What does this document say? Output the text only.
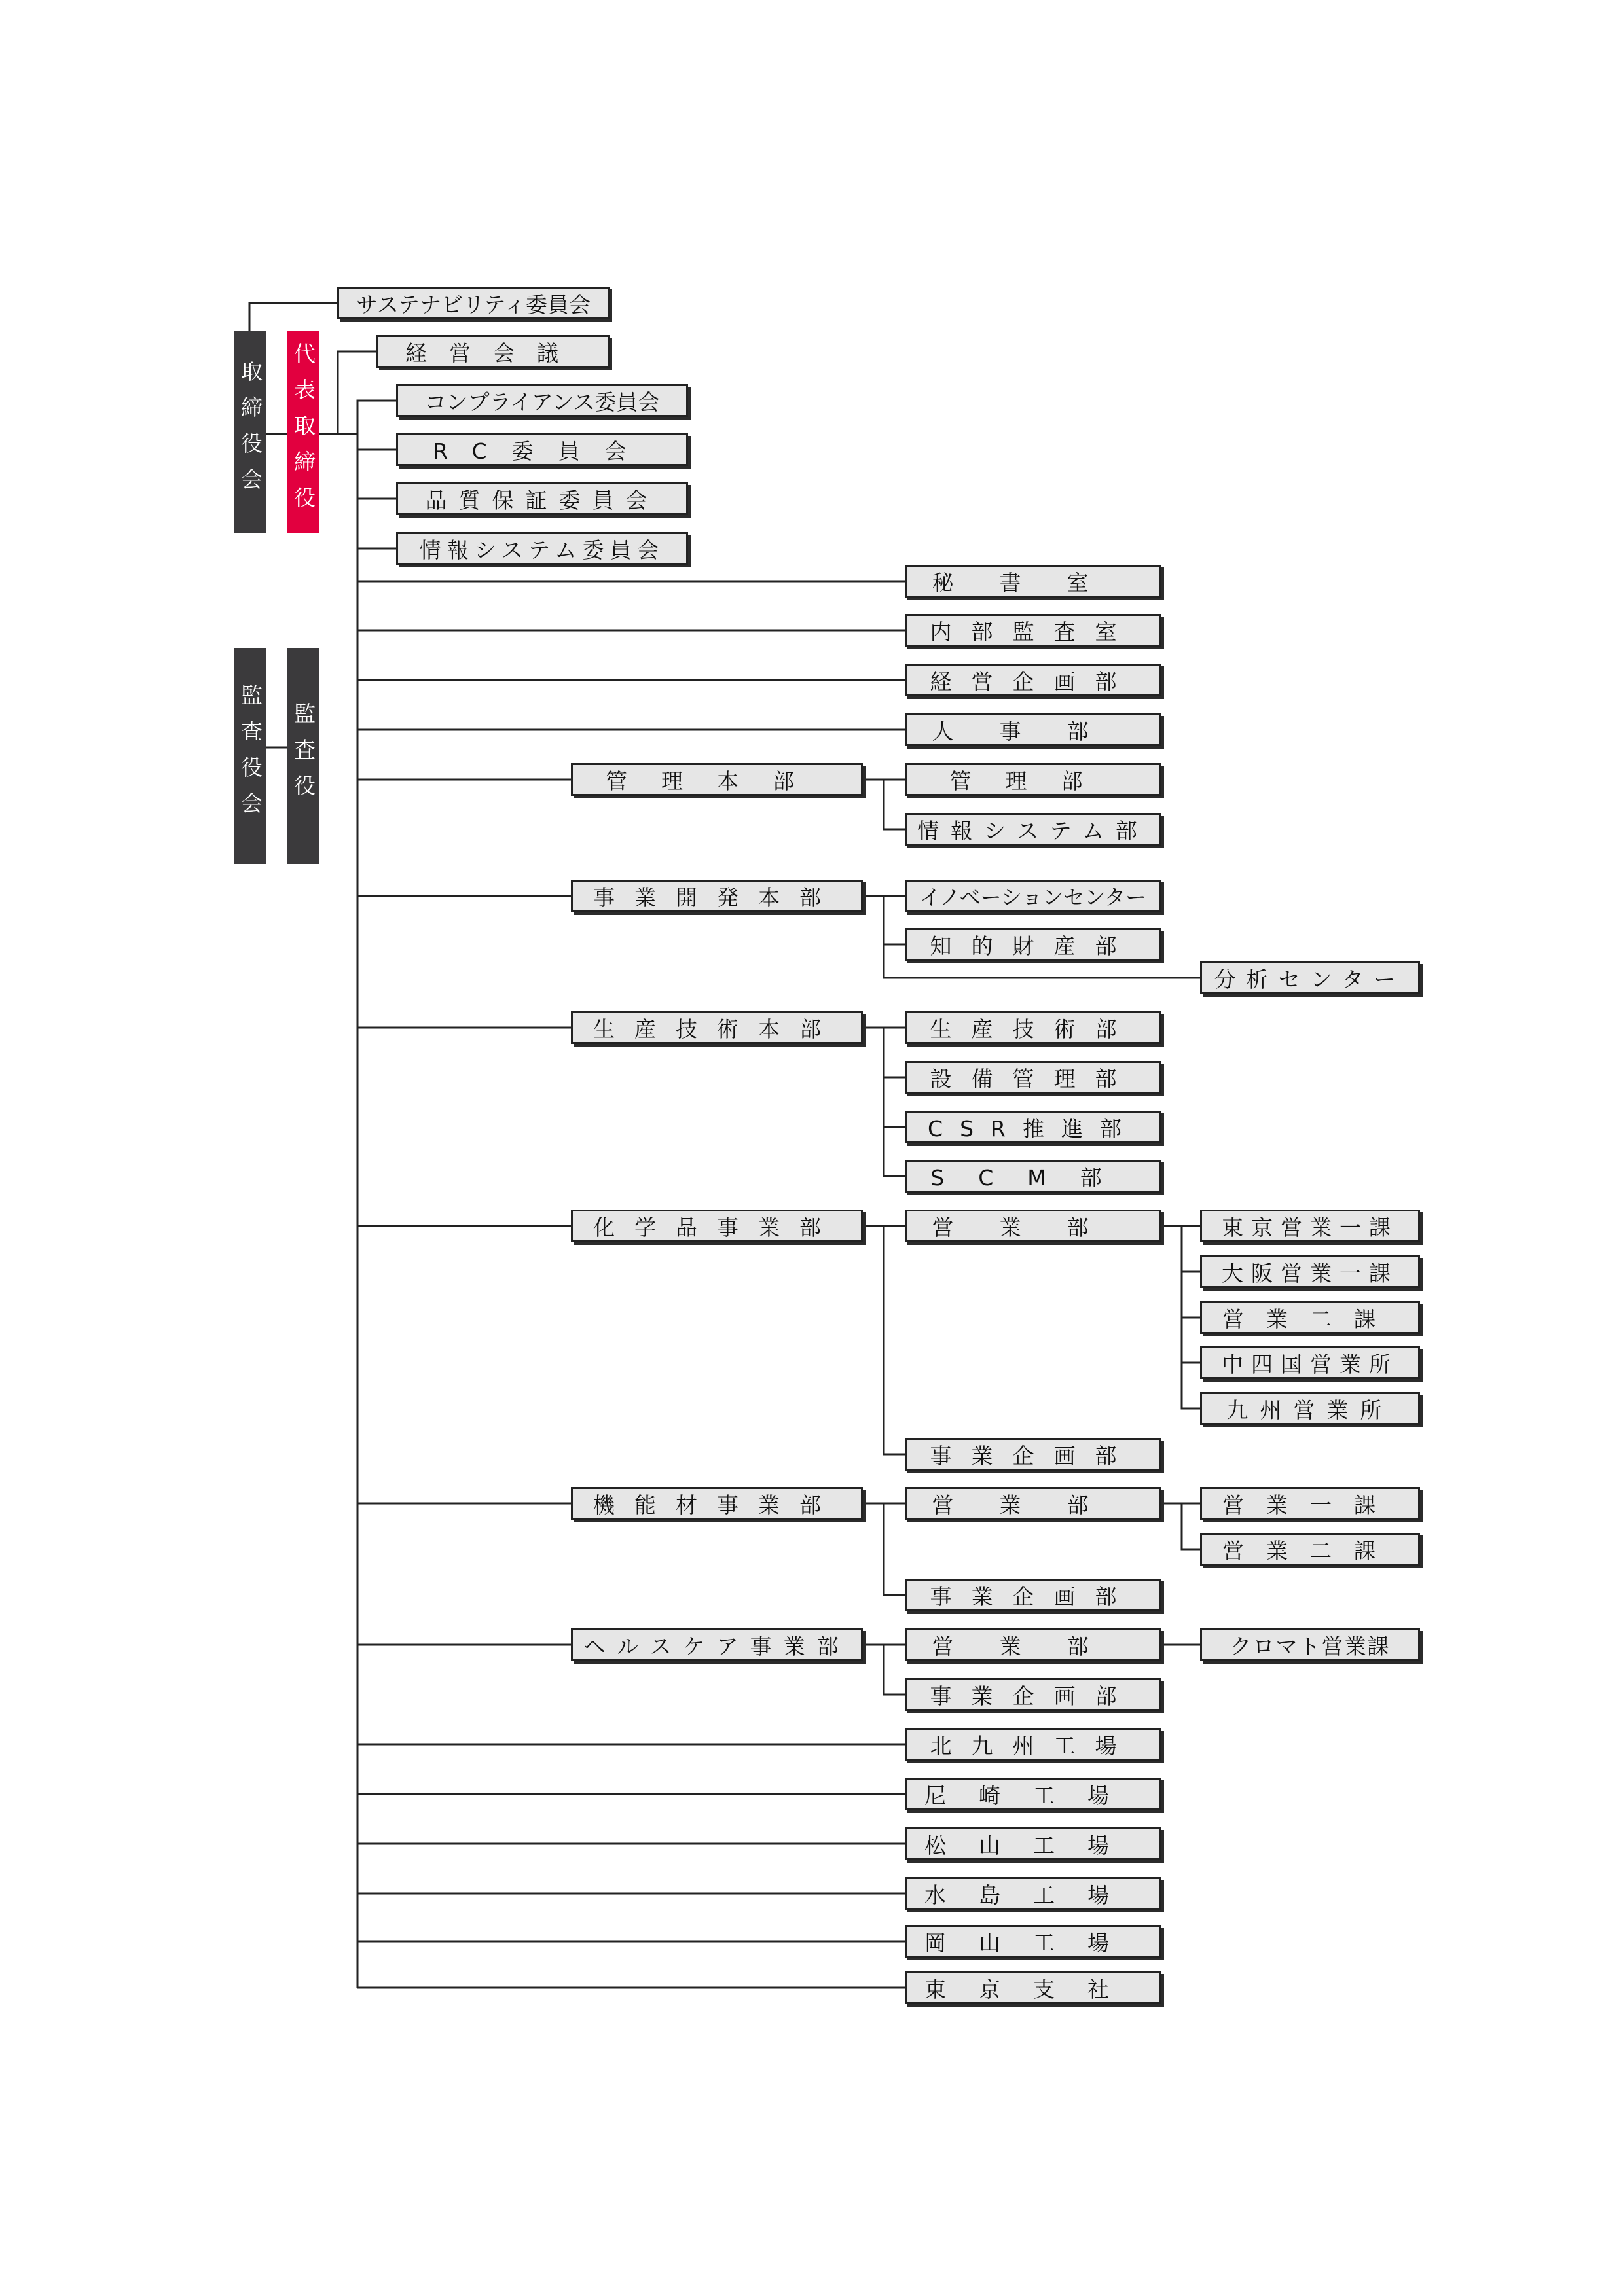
取締役会 代表取締役
監査役会 監査役
サステナビリティ委員会
経営会議
コンプライアンス委員会
RC委員会
品質保証委員会
情報システム委員会
秘書室
内部監査室
経営企画部
人事部
管理本部	管理部
情報システム部
事業開発本部	イノベーションセンター
知的財産部
分析センター
生産技術本部	生産技術部
設備管理部
CSR推進部
SCM部
化学品事業部	営業部	東京営業一課
大阪営業一課
営業二課
中四国営業所
九州営業所
事業企画部
機能材事業部	営業部	営業一課
営業二課
事業企画部
ヘルスケア事業部	営業部	クロマト営業課
事業企画部
北九州工場
尼崎工場
松山工場
水島工場
岡山工場
東京支社
